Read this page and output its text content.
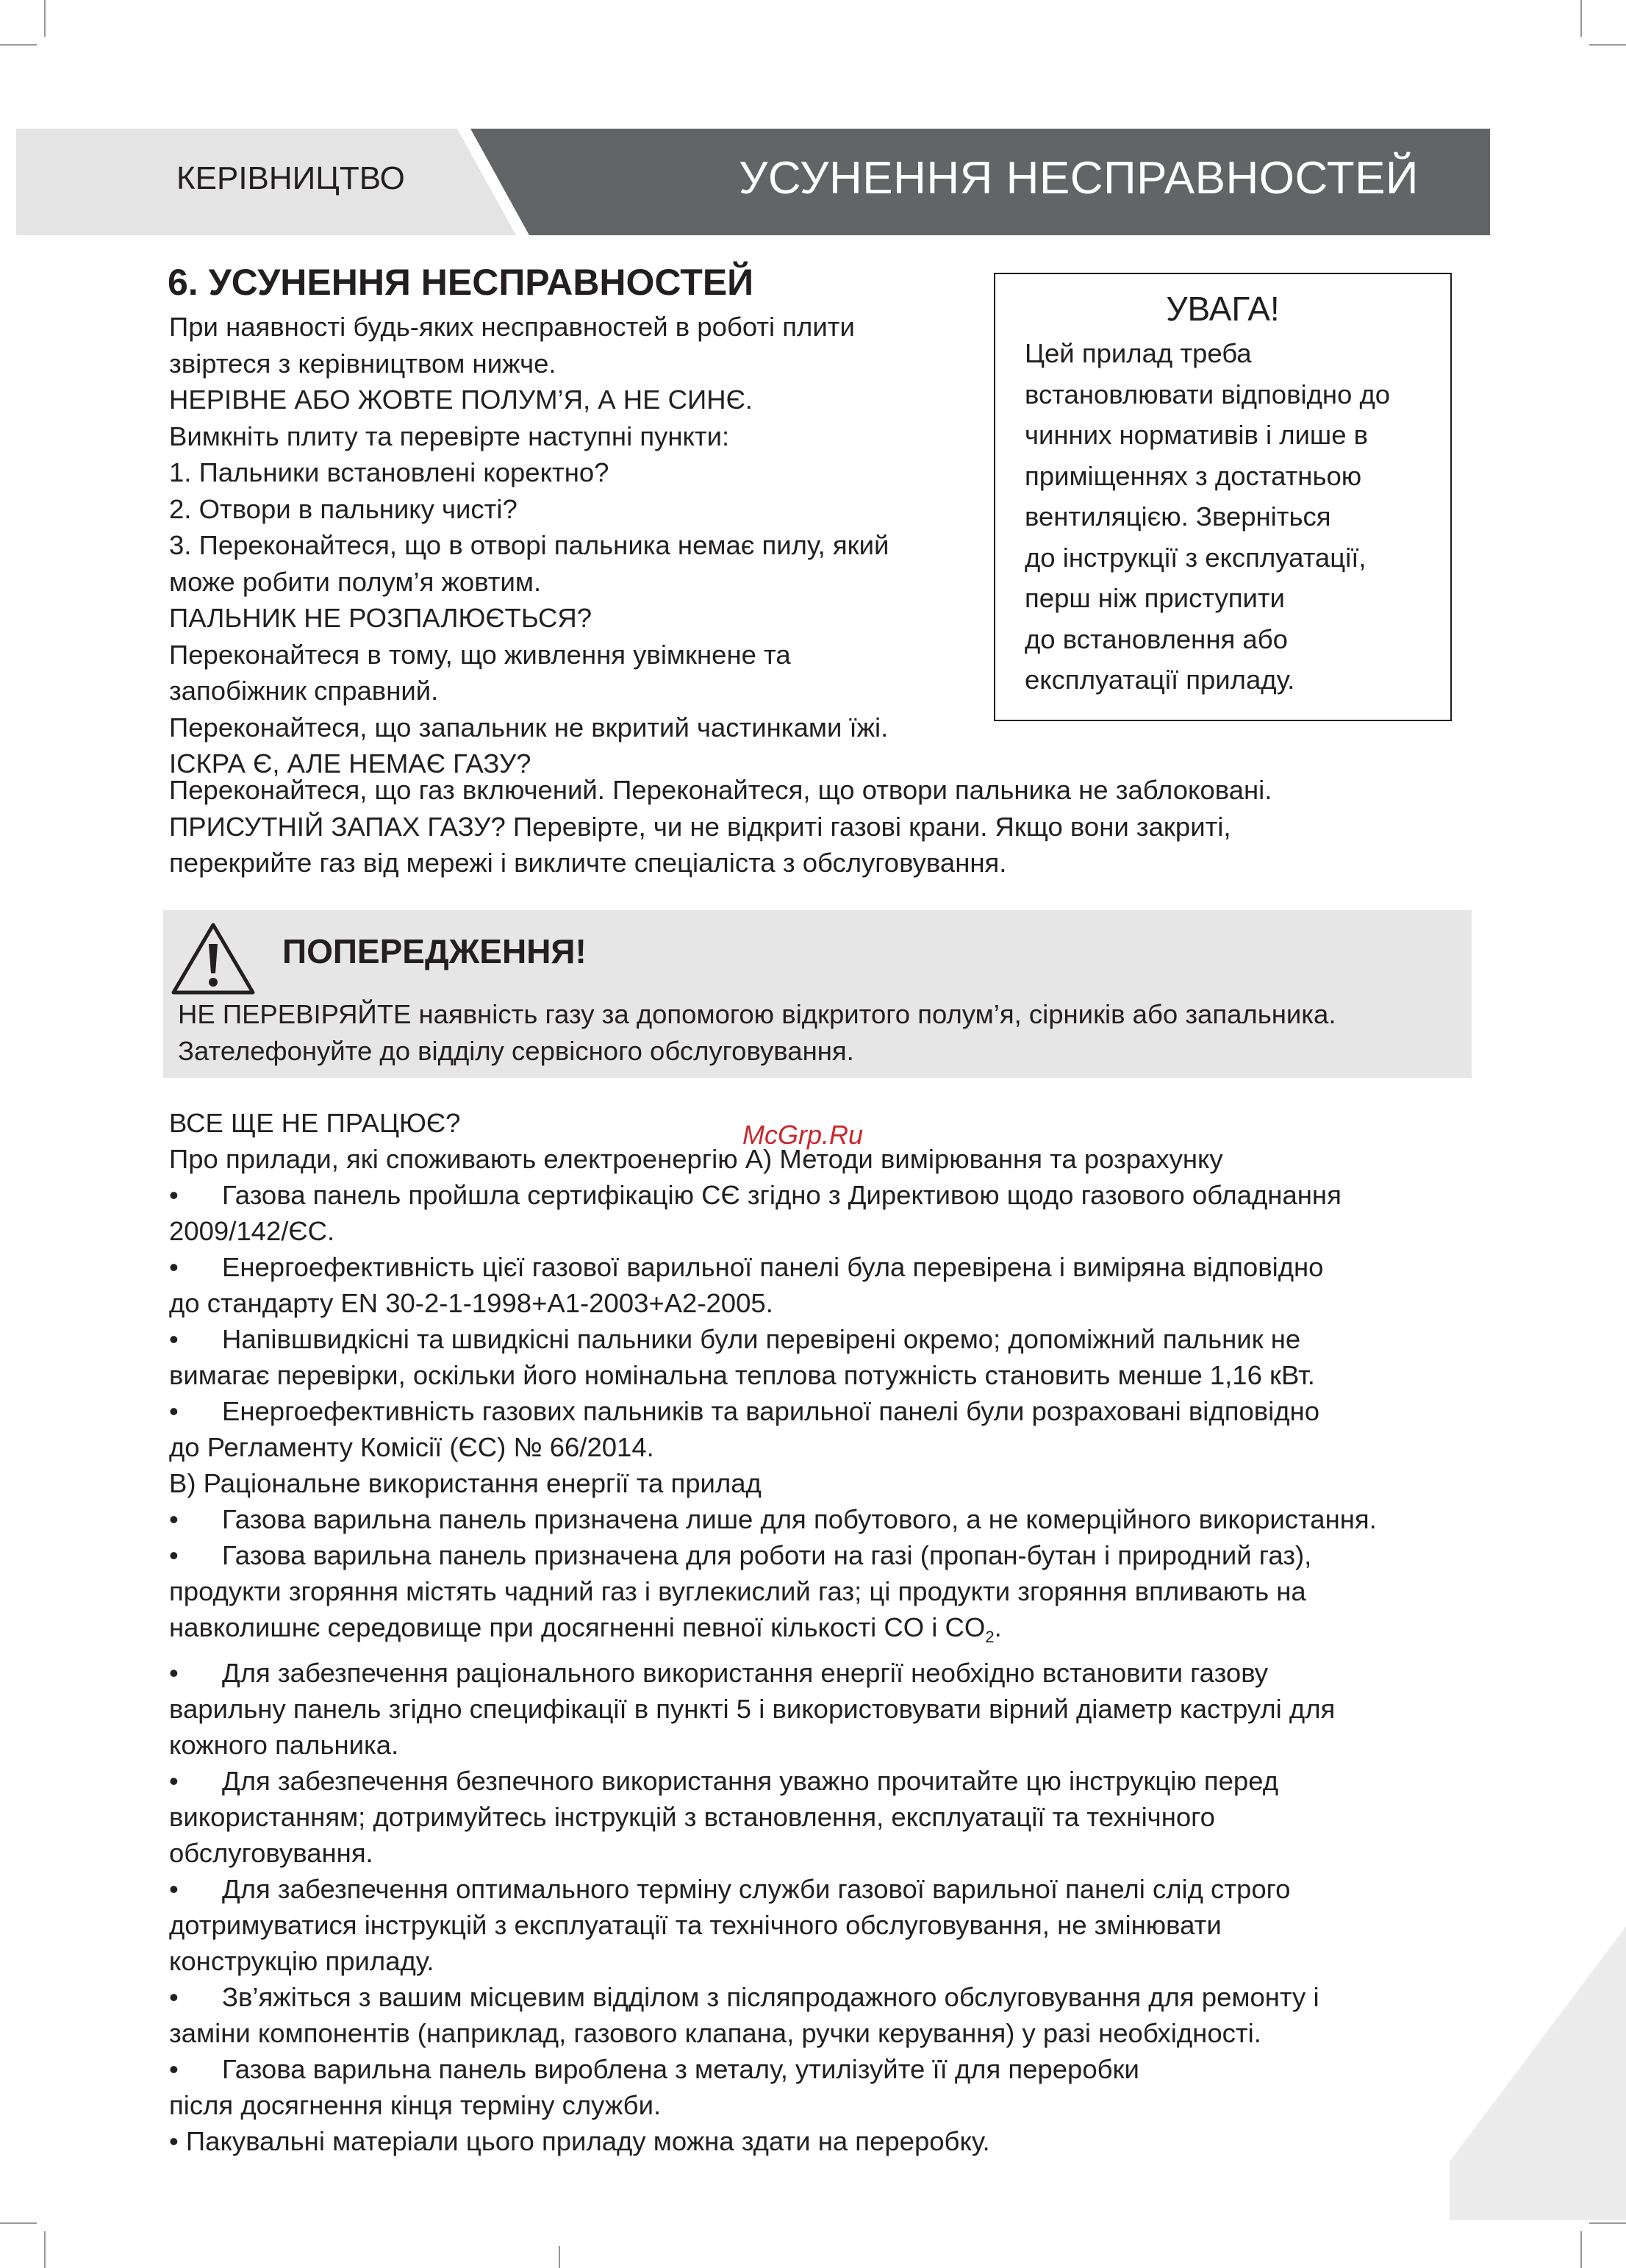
КЕРІВНИЦТВО	УСУНЕННЯ НЕСПРАВНОСТЕЙ
6. УСУНЕННЯ НЕСПРАВНОСТЕЙ
При наявності будь-яких несправностей в роботі плити
звіртеся з керівництвом нижче.
НЕРІВНЕ АБО ЖОВТЕ ПОЛУМ’Я, А НЕ СИНЄ.
Вимкніть плиту та перевірте наступні пункти:
1. Пальники встановлені коректно?
2. Отвори в пальнику чисті?
3. Переконайтеся, що в отворі пальника немає пилу, який
може робити полум’я жовтим.
ПАЛЬНИК НЕ РОЗПАЛЮЄТЬСЯ?
Переконайтеся в тому, що живлення увімкнене та
запобіжник справний.
Переконайтеся, що запальник не вкритий частинками їжі.
ІСКРА Є, АЛЕ НЕМАЄ ГАЗУ?
Переконайтеся, що газ включений. Переконайтеся, що отвори пальника не заблоковані.
ПРИСУТНІЙ ЗАПАХ ГАЗУ? Перевірте, чи не відкриті газові крани. Якщо вони закриті,
перекрийте газ від мережі і викличте спеціаліста з обслуговування.
УВАГА!
Цей прилад треба
встановлювати відповідно до
чинних нормативів і лише в
приміщеннях з достатньою
вентиляцією. Зверніться
до інструкції з експлуатації,
перш ніж приступити
до встановлення або
експлуатації приладу.
ПОПЕРЕДЖЕННЯ!
НЕ ПЕРЕВІРЯЙТЕ наявність газу за допомогою відкритого полум’я, сірників або запальника.
Зателефонуйте до відділу сервісного обслуговування.
ВСЕ ЩЕ НЕ ПРАЦЮЄ?
Про прилади, які споживають електроенергію А) Методи вимірювання та розрахунку
• Газова панель пройшла сертифікацію СЄ згідно з Директивою щодо газового обладнання
2009/142/ЄС.
• Енергоефективність цієї газової варильної панелі була перевірена і виміряна відповідно
до стандарту EN 30-2-1-1998+A1-2003+A2-2005.
• Напівшвидкісні та швидкісні пальники були перевірені окремо; допоміжний пальник не
вимагає перевірки, оскільки його номінальна теплова потужність становить менше 1,16 кВт.
• Енергоефективність газових пальників та варильної панелі були розраховані відповідно
до Регламенту Комісії (ЄС) № 66/2014.
B) Раціональне використання енергії та прилад
• Газова варильна панель призначена лише для побутового, а не комерційного використання.
• Газова варильна панель призначена для роботи на газі (пропан-бутан і природний газ),
продукти згоряння містять чадний газ і вуглекислий газ; ці продукти згоряння впливають на
навколишнє середовище при досягненні певної кількості CO і $CO_2$.
• Для забезпечення раціонального використання енергії необхідно встановити газову
варильну панель згідно специфікації в пункті 5 і використовувати вірний діаметр каструлі для
кожного пальника.
• Для забезпечення безпечного використання уважно прочитайте цю інструкцію перед
використанням; дотримуйтесь інструкцій з встановлення, експлуатації та технічного
обслуговування.
• Для забезпечення оптимального терміну служби газової варильної панелі слід строго
дотримуватися інструкцій з експлуатації та технічного обслуговування, не змінювати
конструкцію приладу.
• Зв’яжіться з вашим місцевим відділом з післяпродажного обслуговування для ремонту і
заміни компонентів (наприклад, газового клапана, ручки керування) у разі необхідності.
• Газова варильна панель вироблена з металу, утилізуйте її для переробки
після досягнення кінця терміну служби.
• Пакувальні матеріали цього приладу можна здати на переробку.
McGrp.Ru
